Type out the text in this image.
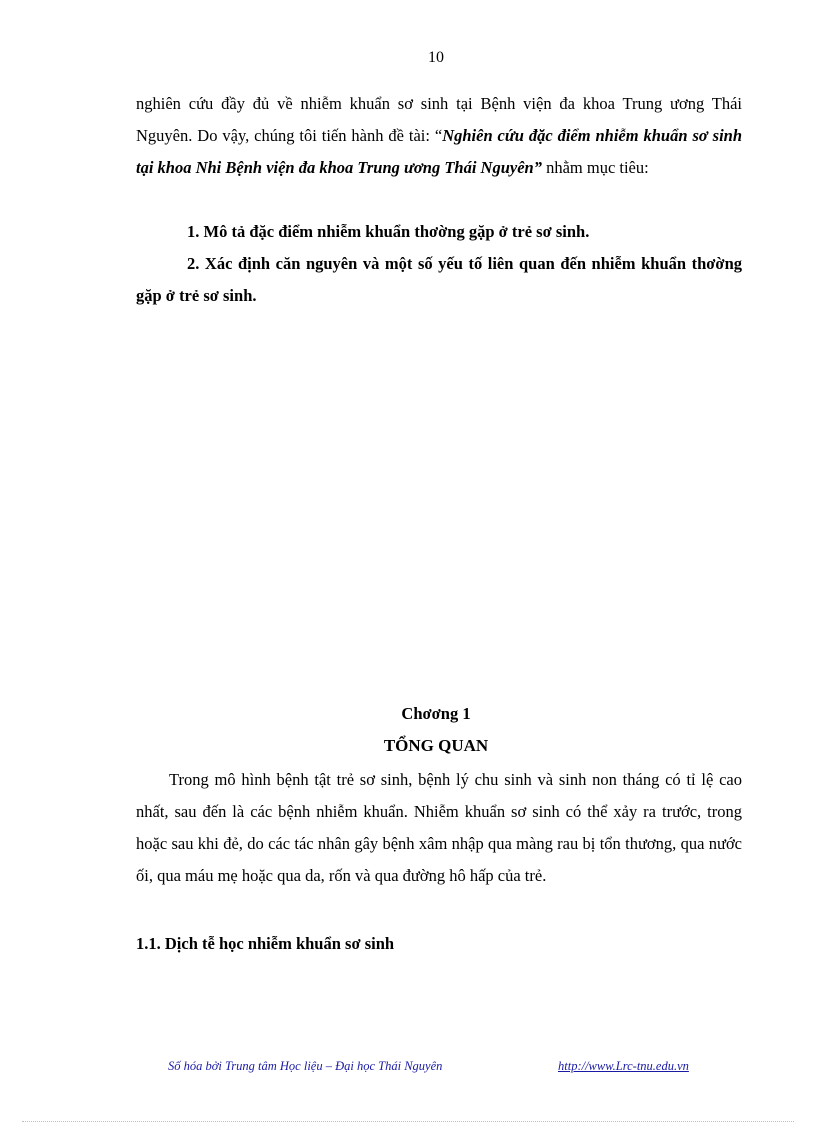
10

nghiên cứu đầy đủ về nhiễm khuẩn sơ sinh tại Bệnh viện đa khoa Trung ương Thái Nguyên. Do vậy, chúng tôi tiến hành đề tài: “Nghiên cứu đặc điểm nhiễm khuẩn sơ sinh tại khoa Nhi Bệnh viện đa khoa Trung ương Thái Nguyên” nhằm mục tiêu:

1. Mô tả đặc điểm nhiễm khuẩn thơờng gặp ở trẻ sơ sinh.

2. Xác định căn nguyên và một số yếu tố liên quan đến nhiễm khuẩn thơờng gặp ở trẻ sơ sinh.

Chơơng 1
TỔNG QUAN

Trong mô hình bệnh tật trẻ sơ sinh, bệnh lý chu sinh và sinh non tháng có tỉ lệ cao nhất, sau đến là các bệnh nhiễm khuẩn. Nhiễm khuẩn sơ sinh có thể xảy ra trước, trong hoặc sau khi đẻ, do các tác nhân gây bệnh xâm nhập qua màng rau bị tổn thương, qua nước ối, qua máu mẹ hoặc qua da, rốn và qua đường hô hấp của trẻ.

1.1. Dịch tễ học nhiễm khuẩn sơ sinh

Số hóa bởi Trung tâm Học liệu – Đại học Thái Nguyên	http://www.Lrc-tnu.edu.vn
